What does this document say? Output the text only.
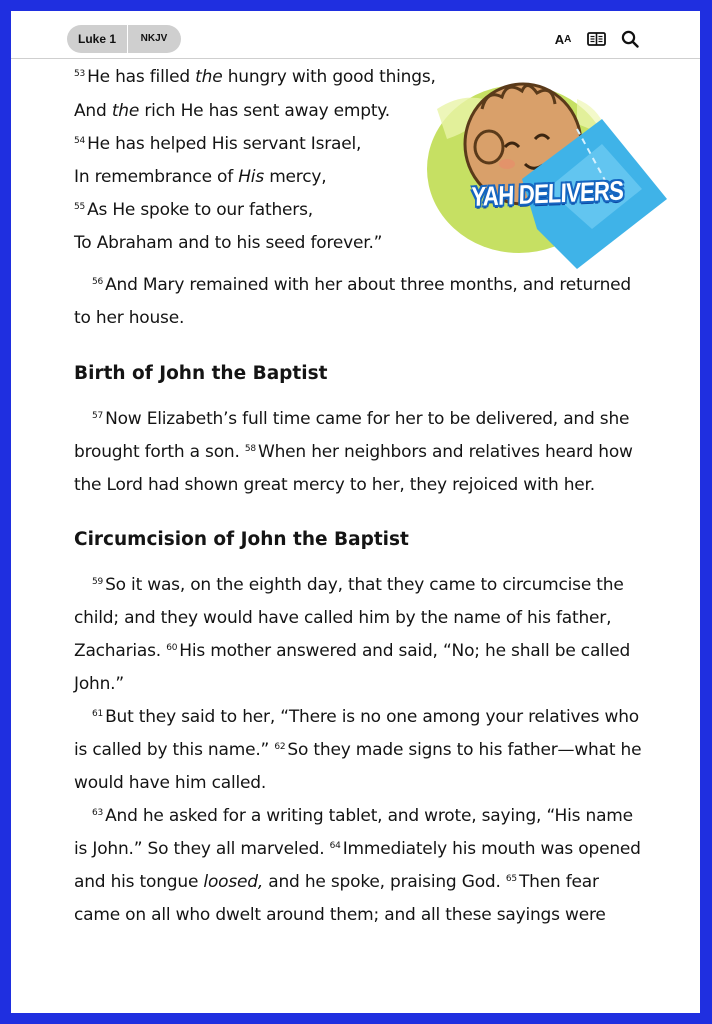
Luke 1	NKJV	A A
$^{53}$ He has filled the hungry with good things,
And the rich He has sent away empty.
$^{54}$ He has helped His servant Israel,
In remembrance of His mercy,
$^{55}$ As He spoke to our fathers,
To Abraham and to his seed forever.”
$^{56}$ And Mary remained with her about three months, and returned
to her house.
Birth of John the Baptist
$^{57}$ Now Elizabeth’s full time came for her to be delivered, and she
brought forth a son. $^{58}$ When her neighbors and relatives heard how
the Lord had shown great mercy to her, they rejoiced with her.
Circumcision of John the Baptist
$^{59}$ So it was, on the eighth day, that they came to circumcise the
child; and they would have called him by the name of his father,
Zacharias. $^{60}$ His mother answered and said, “No; he shall be called
John.”
$^{61}$ But they said to her, “There is no one among your relatives who
is called by this name.” $^{62}$ So they made signs to his father—what he
would have him called.
$^{63}$ And he asked for a writing tablet, and wrote, saying, “His name
is John.” So they all marveled. $^{64}$ Immediately his mouth was opened
and his tongue loosed, and he spoke, praising God. $^{65}$ Then fear
came on all who dwelt around them; and all these sayings were
YAH DELIVERS
